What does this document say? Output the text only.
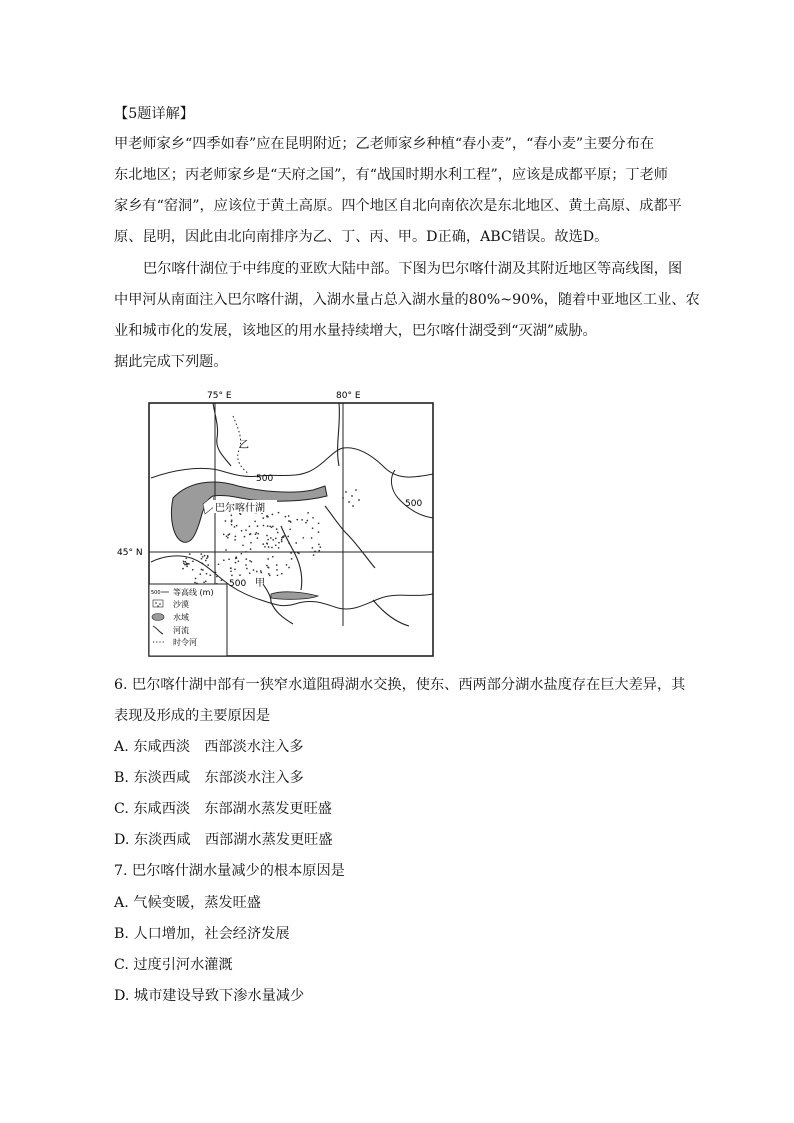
【5题详解】
甲老师家乡“四季如春”应在昆明附近；乙老师家乡种植“春小麦”，“春小麦”主要分布在
东北地区；丙老师家乡是“天府之国”，有“战国时期水利工程”，应该是成都平原；丁老师
家乡有“窑洞”，应该位于黄土高原。四个地区自北向南依次是东北地区、黄土高原、成都平
原、昆明，因此由北向南排序为乙、丁、丙、甲。D正确，ABC错误。故选D。
巴尔喀什湖位于中纬度的亚欧大陆中部。下图为巴尔喀什湖及其附近地区等高线图，图
中甲河从南面注入巴尔喀什湖，入湖水量占总入湖水量的80%~90%，随着中亚地区工业、农
业和城市化的发展，该地区的用水量持续增大，巴尔喀什湖受到“灭湖”威胁。
据此完成下列题。
75° E	80° E
45° N
巴尔喀什湖
500
500
500
乙
甲
500 等高线 (m)
沙漠
水域
河流
时令河
6. 巴尔喀什湖中部有一狭窄水道阻碍湖水交换，使东、西两部分湖水盐度存在巨大差异，其
表现及形成的主要原因是
A. 东咸西淡　西部淡水注入多
B. 东淡西咸　东部淡水注入多
C. 东咸西淡　东部湖水蒸发更旺盛
D. 东淡西咸　西部湖水蒸发更旺盛
7. 巴尔喀什湖水量减少的根本原因是
A. 气候变暖，蒸发旺盛
B. 人口增加，社会经济发展
C. 过度引河水灌溉
D. 城市建设导致下渗水量减少
